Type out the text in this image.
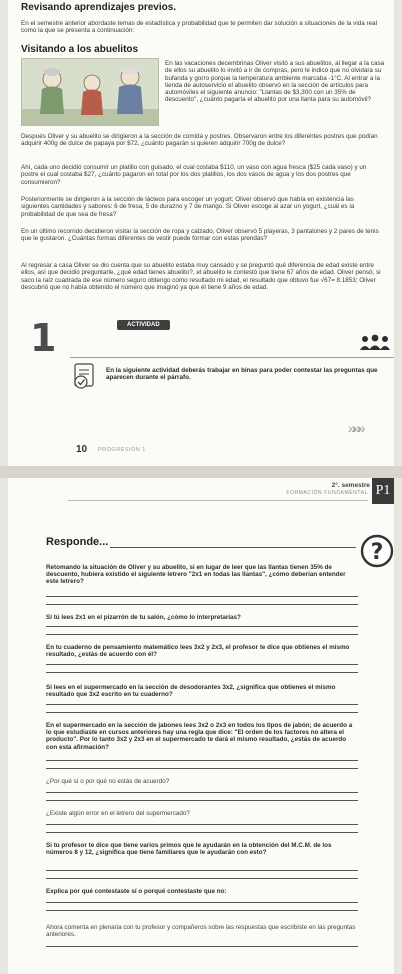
Revisando aprendizajes previos.
En el semestre anterior abordaste temas de estadística y probabilidad que te permiten dar solución a situaciones de la vida real como la que se presenta a continuación:
Visitando a los abuelitos
En las vacaciones decembrinas Oliver visitó a sus abuelitos, al llegar a la casa de ellos su abuelito lo invitó a ir de compras, pero le indicó que no olvidara su bufanda y gorro porque la temperatura ambiente marcaba -1°C. Al entrar a la tienda de autoservicio el abuelito observó en la sección de artículos para automóviles el siguiente anuncio: "Llantas de $3,300 con un 35% de descuento", ¿cuánto pagaría el abuelito por una llanta para su automóvil?
Después Oliver y su abuelito se dirigieron a la sección de comida y postres. Observaron entre los diferentes postres que podían adquirir 400g de dulce de papaya por $72, ¿cuánto pagarán si quieren adquirir 700g de dulce?
Ahí, cada uno decidió consumir un platillo con guisado, el cual costaba $110, un vaso con agua fresca ($25 cada vaso) y un postre el cual costaba $27, ¿cuánto pagaron en total por los dos platillos, los dos vasos de agua y los dos postres que consumieron?
Posteriormente se dirigieron a la sección de lácteos para escoger un yogurt; Oliver observó que había en existencia las siguientes cantidades y sabores: 6 de fresa, 5 de durazno y 7 de mango. Si Oliver escoge al azar un yogurt, ¿cuál es la probabilidad de que sea de fresa?
En un último recorrido decidieron visitar la sección de ropa y calzado, Oliver observó 5 playeras, 3 pantalones y 2 pares de tenis que le gustaron. ¿Cuántas formas diferentes de vestir puede formar con estas prendas?
Al regresar a casa Oliver se dio cuenta que su abuelito estaba muy cansado y se preguntó qué diferencia de edad existe entre ellos, así que decidió preguntarle, ¿qué edad tienes abuelito?, el abuelito le contestó que tiene 67 años de edad. Oliver pensó, si saco la raíz cuadrada de ese número seguro obtengo como resultado mi edad, el resultado que obtuvo fue √67= 8.1853; Oliver descubrió que no había obtenido el número que imaginó ya que él tiene 9 años de edad.
1	ACTIVIDAD
En la siguiente actividad deberás trabajar en binas para poder contestar las preguntas que aparecen durante el párrafo.
»»»
10 PROGRESIÓN 1
2°. semestre
FORMACIÓN FUNDAMENTAL P1
Responde...	?
Retomando la situación de Oliver y su abuelito, si en lugar de leer que las llantas tienen 35% de descuento, hubiera existido el siguiente letrero "2x1 en todas las llantas", ¿cómo deberían entender este letrero?
Si tú lees 2x1 en el pizarrón de tu salón, ¿cómo lo interpretarías?
En tu cuaderno de pensamiento matemático lees 3x2 y 2x3, el profesor te dice que obtienes el mismo resultado, ¿estás de acuerdo con él?
Si lees en el supermercado en la sección de desodorantes 3x2, ¿significa que obtienes el mismo resultado que 3x2 escrito en tu cuaderno?
En el supermercado en la sección de jabones lees 3x2 o 2x3 en todos los tipos de jabón; de acuerdo a lo que estudiaste en cursos anteriores hay una regla que dice: "El orden de los factores no altera el producto". Por lo tanto 3x2 y 2x3 en el supermercado te dará el mismo resultado, ¿estás de acuerdo con esta afirmación?
¿Por qué sí o por qué no estás de acuerdo?
¿Existe algún error en el letrero del supermercado?
Si tu profesor te dice que tiene varios primos que le ayudarán en la obtención del M.C.M. de los números 8 y 12, ¿significa que tiene familiares que le ayudarán con esto?
Explica por qué contestaste sí o porqué contestaste que no:
Ahora comenta en plenaria con tu profesor y compañeros sobre las respuestas que escribiste en las preguntas anteriores.
